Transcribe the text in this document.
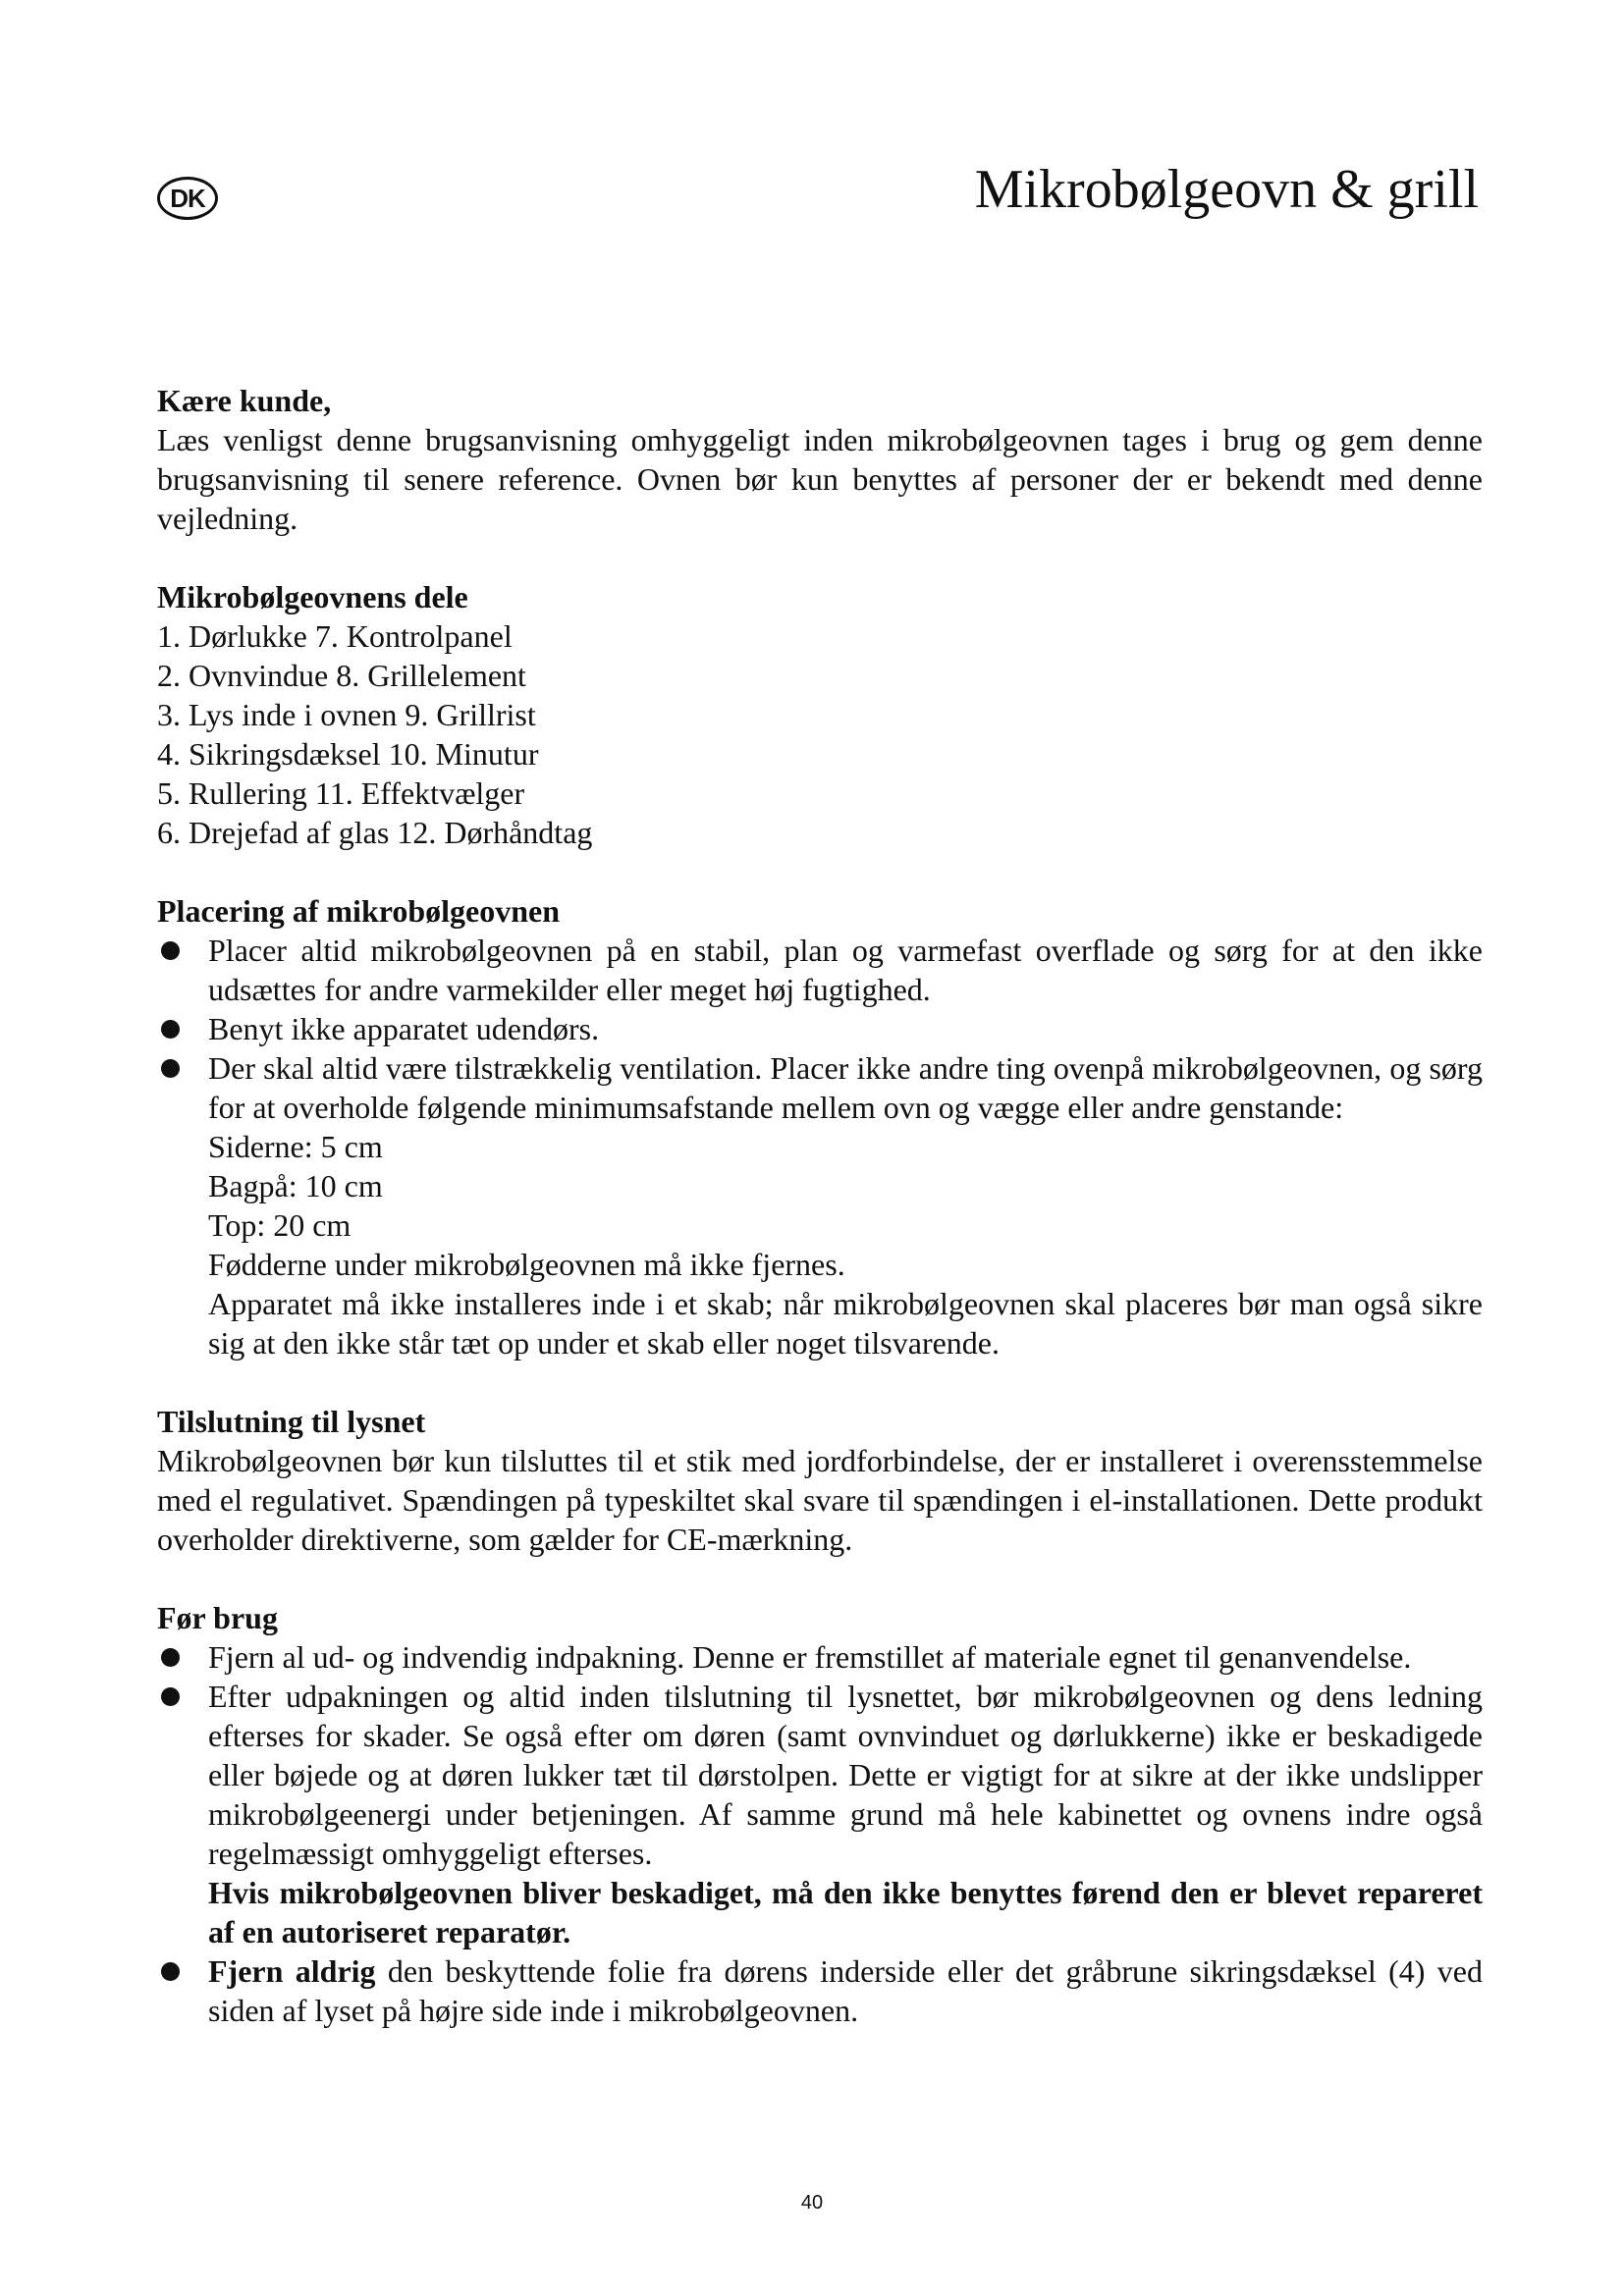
DK	Mikrobølgeovn & grill

Kære kunde,

Læs venligst denne brugsanvisning omhyggeligt inden mikrobølgeovnen tages i brug og gem denne brugsanvisning til senere reference. Ovnen bør kun benyttes af personer der er bekendt med denne vejledning.

Mikrobølgeovnens dele

1. Dørlukke 7. Kontrolpanel
2. Ovnvindue 8. Grillelement
3. Lys inde i ovnen 9. Grillrist
4. Sikringsdæksel 10. Minutur
5. Rullering 11. Effektvælger
6. Drejefad af glas 12. Dørhåndtag

Placering af mikrobølgeovnen

Placer altid mikrobølgeovnen på en stabil, plan og varmefast overflade og sørg for at den ikke udsættes for andre varmekilder eller meget høj fugtighed.

Benyt ikke apparatet udendørs.

Der skal altid være tilstrækkelig ventilation. Placer ikke andre ting ovenpå mikrobølgeovnen, og sørg for at overholde følgende minimumsafstande mellem ovn og vægge eller andre genstande:

Siderne: 5 cm

Bagpå: 10 cm

Top: 20 cm

Fødderne under mikrobølgeovnen må ikke fjernes.

Apparatet må ikke installeres inde i et skab; når mikrobølgeovnen skal placeres bør man også sikre sig at den ikke står tæt op under et skab eller noget tilsvarende.

Tilslutning til lysnet

Mikrobølgeovnen bør kun tilsluttes til et stik med jordforbindelse, der er installeret i overensstemmelse med el regulativet. Spændingen på typeskiltet skal svare til spændingen i el-installationen. Dette produkt overholder direktiverne, som gælder for CE-mærkning.

Før brug

Fjern al ud- og indvendig indpakning. Denne er fremstillet af materiale egnet til genanvendelse.

Efter udpakningen og altid inden tilslutning til lysnettet, bør mikrobølgeovnen og dens ledning efterses for skader. Se også efter om døren (samt ovnvinduet og dørlukkerne) ikke er beskadigede eller bøjede og at døren lukker tæt til dørstolpen. Dette er vigtigt for at sikre at der ikke undslipper mikrobølgeenergi under betjeningen. Af samme grund må hele kabinettet og ovnens indre også regelmæssigt omhyggeligt efterses.

Hvis mikrobølgeovnen bliver beskadiget, må den ikke benyttes førend den er blevet repareret af en autoriseret reparatør.

Fjern aldrig den beskyttende folie fra dørens inderside eller det gråbrune sikringsdæksel (4) ved siden af lyset på højre side inde i mikrobølgeovnen.

40
